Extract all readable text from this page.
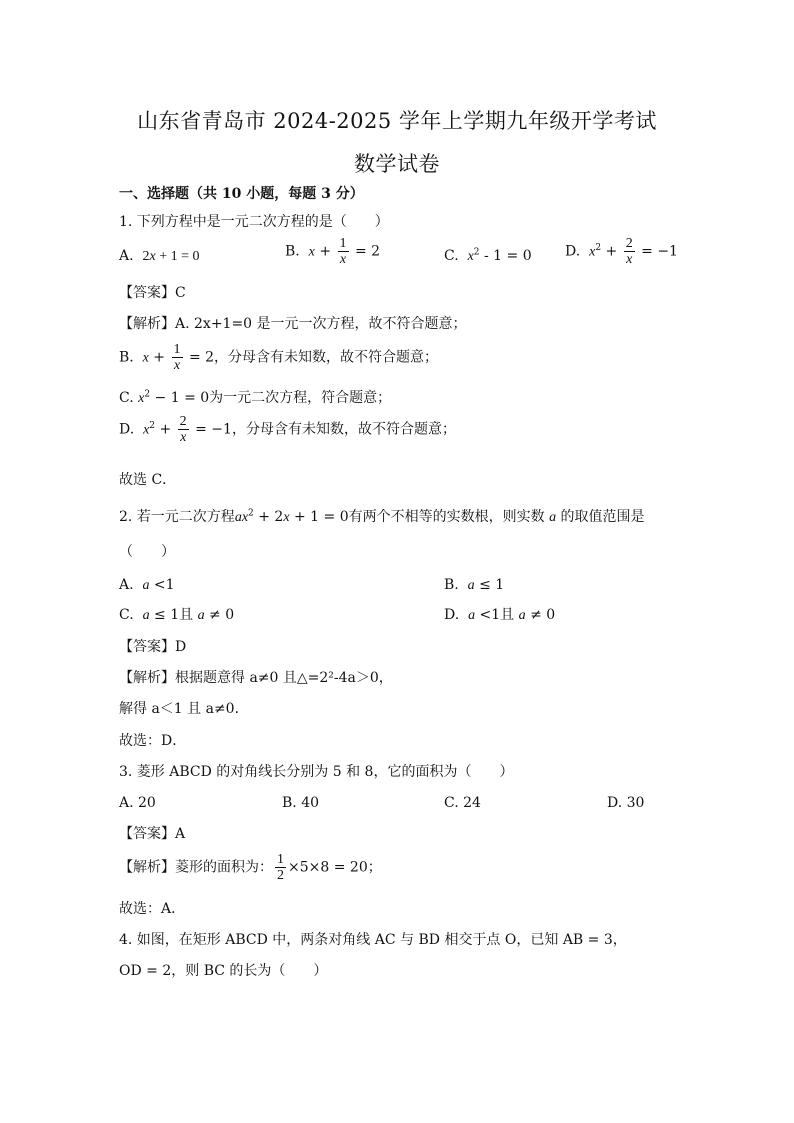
山东省青岛市 2024-2025 学年上学期九年级开学考试
数学试卷
一、选择题（共 10 小题，每题 3 分）
1. 下列方程中是一元二次方程的是（　　）
A. 2x + 1 = 0	B. $x + \frac{1}{x} = 2$	C. $x^2 - 1 = 0$ D. $x^2 + \frac{2}{x} = -1$
【答案】C
【解析】A. 2x+1=0 是一元一次方程，故不符合题意；
B.  $x + \frac{1}{x} = 2$，分母含有未知数，故不符合题意；
C. $x^2 - 1 = 0$为一元二次方程，符合题意；
D.  $x^2 + \frac{2}{x} = -1$，分母含有未知数，故不符合题意；
故选 C．
2. 若一元二次方程$ax^2 + 2x + 1 = 0$有两个不相等的实数根，则实数 a 的取值范围是
（　　）
A. a <1	B. a ≤ 1
C. a ≤ 1且 a ≠ 0	D. a <1且 a ≠ 0
【答案】D
【解析】根据题意得 a≠0 且△=2²-4a＞0，
解得 a＜1 且 a≠0．
故选：D．
3. 菱形 ABCD 的对角线长分别为 5 和 8，它的面积为（　　）
A. 20	B. 40	C. 24	D. 30
【答案】A
【解析】菱形的面积为： $\frac{1}{2} \times 5\times 8 = 20$；
故选：A．
4. 如图，在矩形 ABCD 中，两条对角线 AC 与 BD 相交于点 O，已知 AB = 3，
OD = 2，则 BC 的长为（　　）
